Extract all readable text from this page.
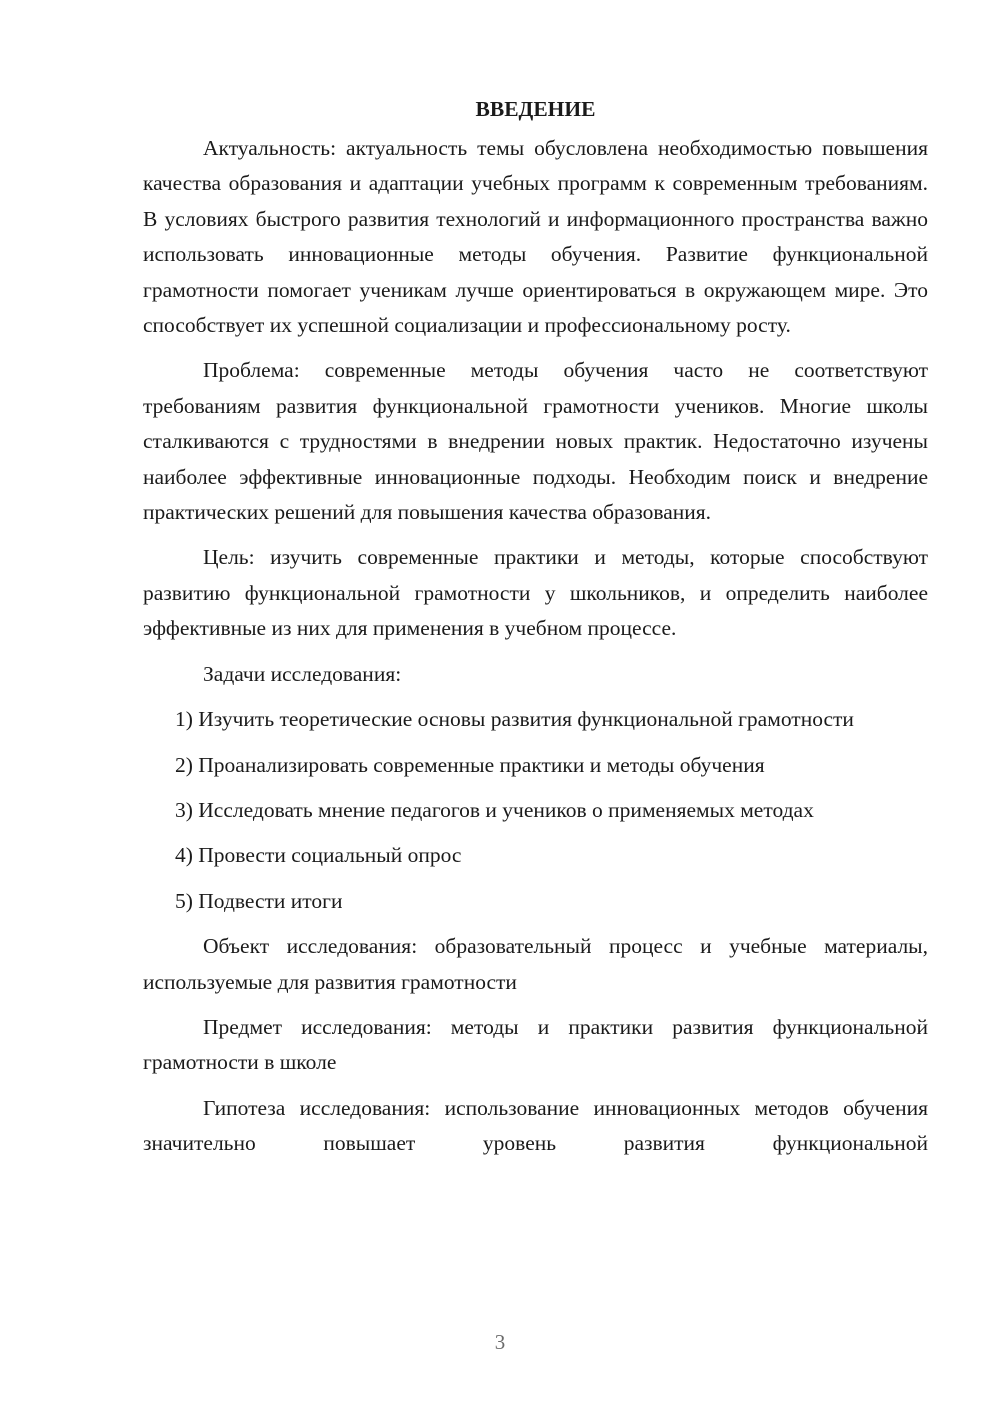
ВВЕДЕНИЕ

Актуальность: актуальность темы обусловлена необходимостью повышения качества образования и адаптации учебных программ к современным требованиям. В условиях быстрого развития технологий и информационного пространства важно использовать инновационные методы обучения. Развитие функциональной грамотности помогает ученикам лучше ориентироваться в окружающем мире. Это способствует их успешной социализации и профессиональному росту.

Проблема: современные методы обучения часто не соответствуют требованиям развития функциональной грамотности учеников. Многие школы сталкиваются с трудностями в внедрении новых практик. Недостаточно изучены наиболее эффективные инновационные подходы. Необходим поиск и внедрение практических решений для повышения качества образования.

Цель: изучить современные практики и методы, которые способствуют развитию функциональной грамотности у школьников, и определить наиболее эффективные из них для применения в учебном процессе.

Задачи исследования:

1) Изучить теоретические основы развития функциональной грамотности

2) Проанализировать современные практики и методы обучения

3) Исследовать мнение педагогов и учеников о применяемых методах

4) Провести социальный опрос

5) Подвести итоги

Объект исследования: образовательный процесс и учебные материалы, используемые для развития грамотности

Предмет исследования: методы и практики развития функциональной грамотности в школе

Гипотеза исследования: использование инновационных методов обучения значительно повышает уровень развития функциональной

3
